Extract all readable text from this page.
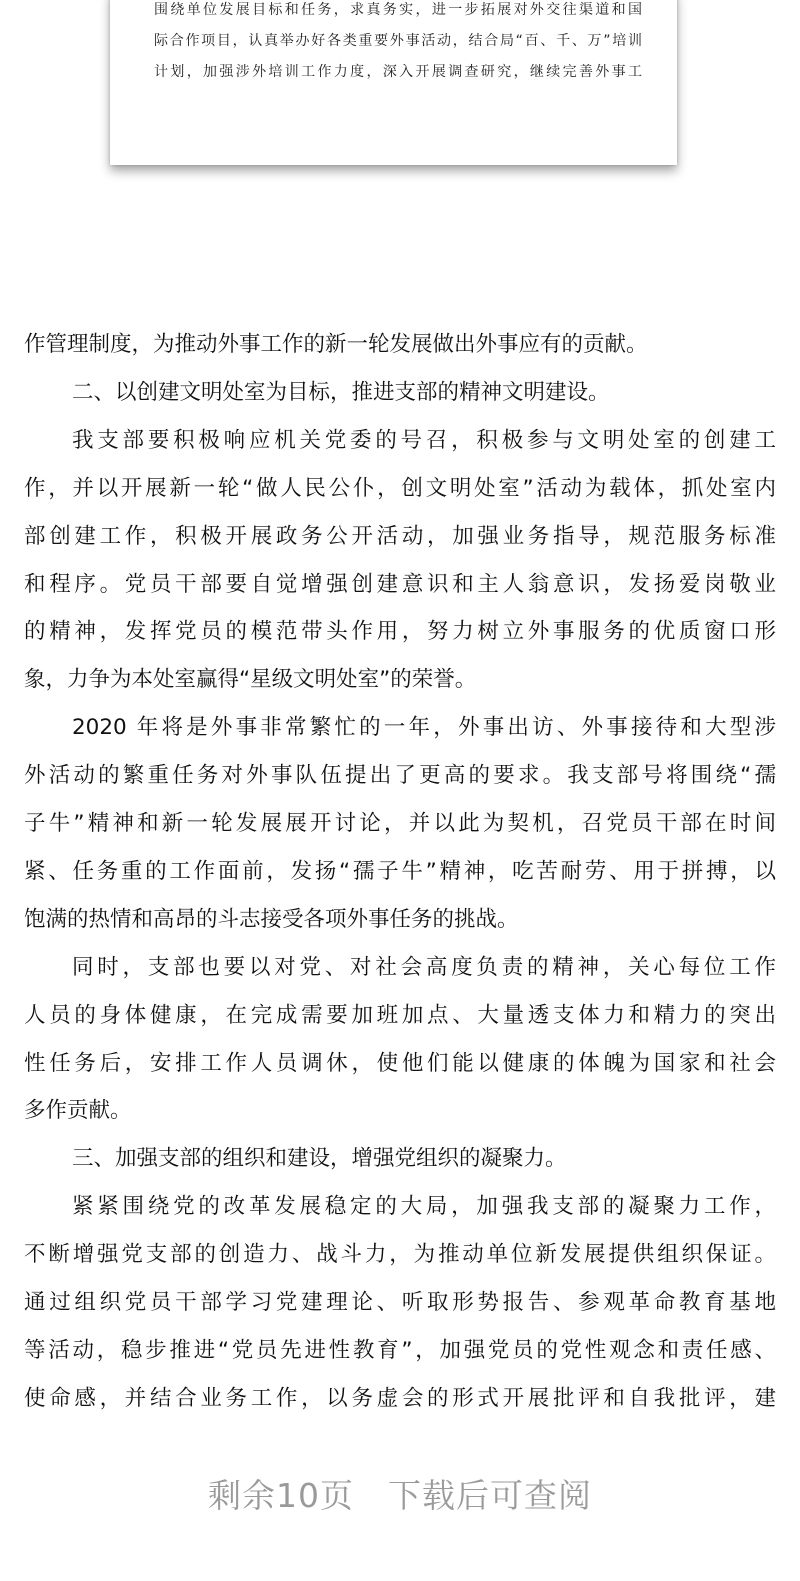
围绕单位发展目标和任务，求真务实，进一步拓展对外交往渠道和国
际合作项目，认真举办好各类重要外事活动，结合局“百、千、万”培训
计划，加强涉外培训工作力度，深入开展调查研究，继续完善外事工
作管理制度，为推动外事工作的新一轮发展做出外事应有的贡献。
二、以创建文明处室为目标，推进支部的精神文明建设。
我支部要积极响应机关党委的号召，积极参与文明处室的创建工
作，并以开展新一轮“做人民公仆，创文明处室”活动为载体，抓处室内
部创建工作，积极开展政务公开活动，加强业务指导，规范服务标准
和程序。党员干部要自觉增强创建意识和主人翁意识，发扬爱岗敬业
的精神，发挥党员的模范带头作用，努力树立外事服务的优质窗口形
象，力争为本处室赢得“星级文明处室”的荣誉。
2020 年将是外事非常繁忙的一年，外事出访、外事接待和大型涉
外活动的繁重任务对外事队伍提出了更高的要求。我支部号将围绕“孺
子牛”精神和新一轮发展展开讨论，并以此为契机，召党员干部在时间
紧、任务重的工作面前，发扬“孺子牛”精神，吃苦耐劳、用于拼搏，以
饱满的热情和高昂的斗志接受各项外事任务的挑战。
同时，支部也要以对党、对社会高度负责的精神，关心每位工作
人员的身体健康，在完成需要加班加点、大量透支体力和精力的突出
性任务后，安排工作人员调休，使他们能以健康的体魄为国家和社会
多作贡献。
三、加强支部的组织和建设，增强党组织的凝聚力。
紧紧围绕党的改革发展稳定的大局，加强我支部的凝聚力工作，
不断增强党支部的创造力、战斗力，为推动单位新发展提供组织保证。
通过组织党员干部学习党建理论、听取形势报告、参观革命教育基地
等活动，稳步推进“党员先进性教育”，加强党员的党性观念和责任感、
使命感，并结合业务工作，以务虚会的形式开展批评和自我批评，建
剩余10页 下载后可查阅
